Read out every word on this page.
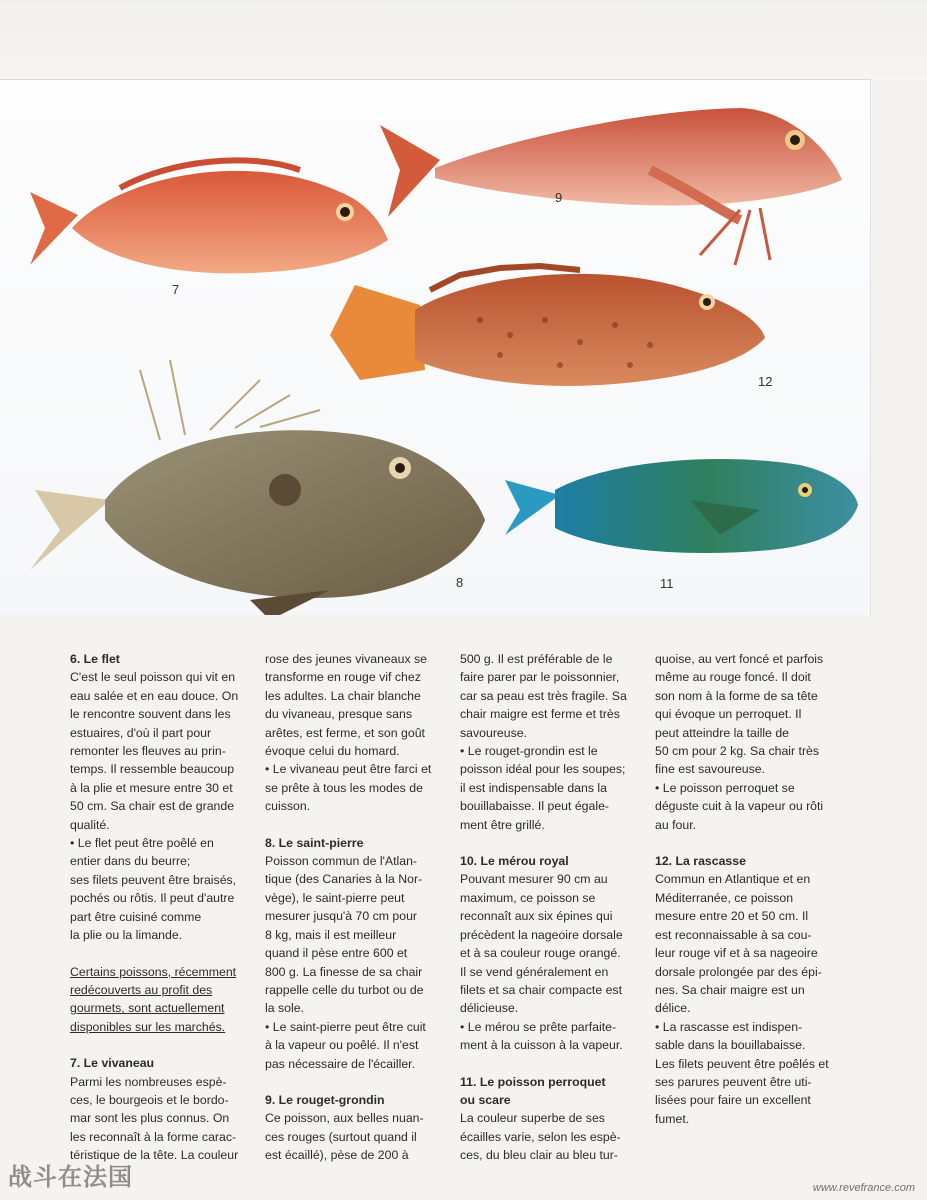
7
9
12
8	11

6. Le flet

C'est le seul poisson qui vit en

eau salée et en eau douce. On

le rencontre souvent dans les

estuaires, d'où il part pour

remonter les fleuves au prin-

temps. Il ressemble beaucoup

à la plie et mesure entre 30 et

50 cm. Sa chair est de grande

qualité.

• Le flet peut être poêlé en

entier dans du beurre;

ses filets peuvent être braisés,

pochés ou rôtis. Il peut d'autre

part être cuisiné comme

la plie ou la limande.

Certains poissons, récemment

redécouverts au profit des

gourmets, sont actuellement

disponibles sur les marchés.

7. Le vivaneau

Parmi les nombreuses espè-

ces, le bourgeois et le bordo-

mar sont les plus connus. On

les reconnaît à la forme carac-

téristique de la tête. La couleur

rose des jeunes vivaneaux se

transforme en rouge vif chez

les adultes. La chair blanche

du vivaneau, presque sans

arêtes, est ferme, et son goût

évoque celui du homard.

• Le vivaneau peut être farci et

se prête à tous les modes de

cuisson.

8. Le saint-pierre

Poisson commun de l'Atlan-

tique (des Canaries à la Nor-

vège), le saint-pierre peut

mesurer jusqu'à 70 cm pour

8 kg, mais il est meilleur

quand il pèse entre 600 et

800 g. La finesse de sa chair

rappelle celle du turbot ou de

la sole.

• Le saint-pierre peut être cuit

à la vapeur ou poêlé. Il n'est

pas nécessaire de l'écailler.

9. Le rouget-grondin

Ce poisson, aux belles nuan-

ces rouges (surtout quand il

est écaillé), pèse de 200 à

500 g. Il est préférable de le

faire parer par le poissonnier,

car sa peau est très fragile. Sa

chair maigre est ferme et très

savoureuse.

• Le rouget-grondin est le

poisson idéal pour les soupes;

il est indispensable dans la

bouillabaisse. Il peut égale-

ment être grillé.

10. Le mérou royal

Pouvant mesurer 90 cm au

maximum, ce poisson se

reconnaît aux six épines qui

précèdent la nageoire dorsale

et à sa couleur rouge orangé.

Il se vend généralement en

filets et sa chair compacte est

délicieuse.

• Le mérou se prête parfaite-

ment à la cuisson à la vapeur.

11. Le poisson perroquet

ou scare

La couleur superbe de ses

écailles varie, selon les espè-

ces, du bleu clair au bleu tur-

quoise, au vert foncé et parfois

même au rouge foncé. Il doit

son nom à la forme de sa tête

qui évoque un perroquet. Il

peut atteindre la taille de

50 cm pour 2 kg. Sa chair très

fine est savoureuse.

• Le poisson perroquet se

déguste cuit à la vapeur ou rôti

au four.

12. La rascasse

Commun en Atlantique et en

Méditerranée, ce poisson

mesure entre 20 et 50 cm. Il

est reconnaissable à sa cou-

leur rouge vif et à sa nageoire

dorsale prolongée par des épi-

nes. Sa chair maigre est un

délice.

• La rascasse est indispen-

sable dans la bouillabaisse.

Les filets peuvent être poêlés et

ses parures peuvent être uti-

lisées pour faire un excellent

fumet.

战斗在法国	www.revefrance.com
